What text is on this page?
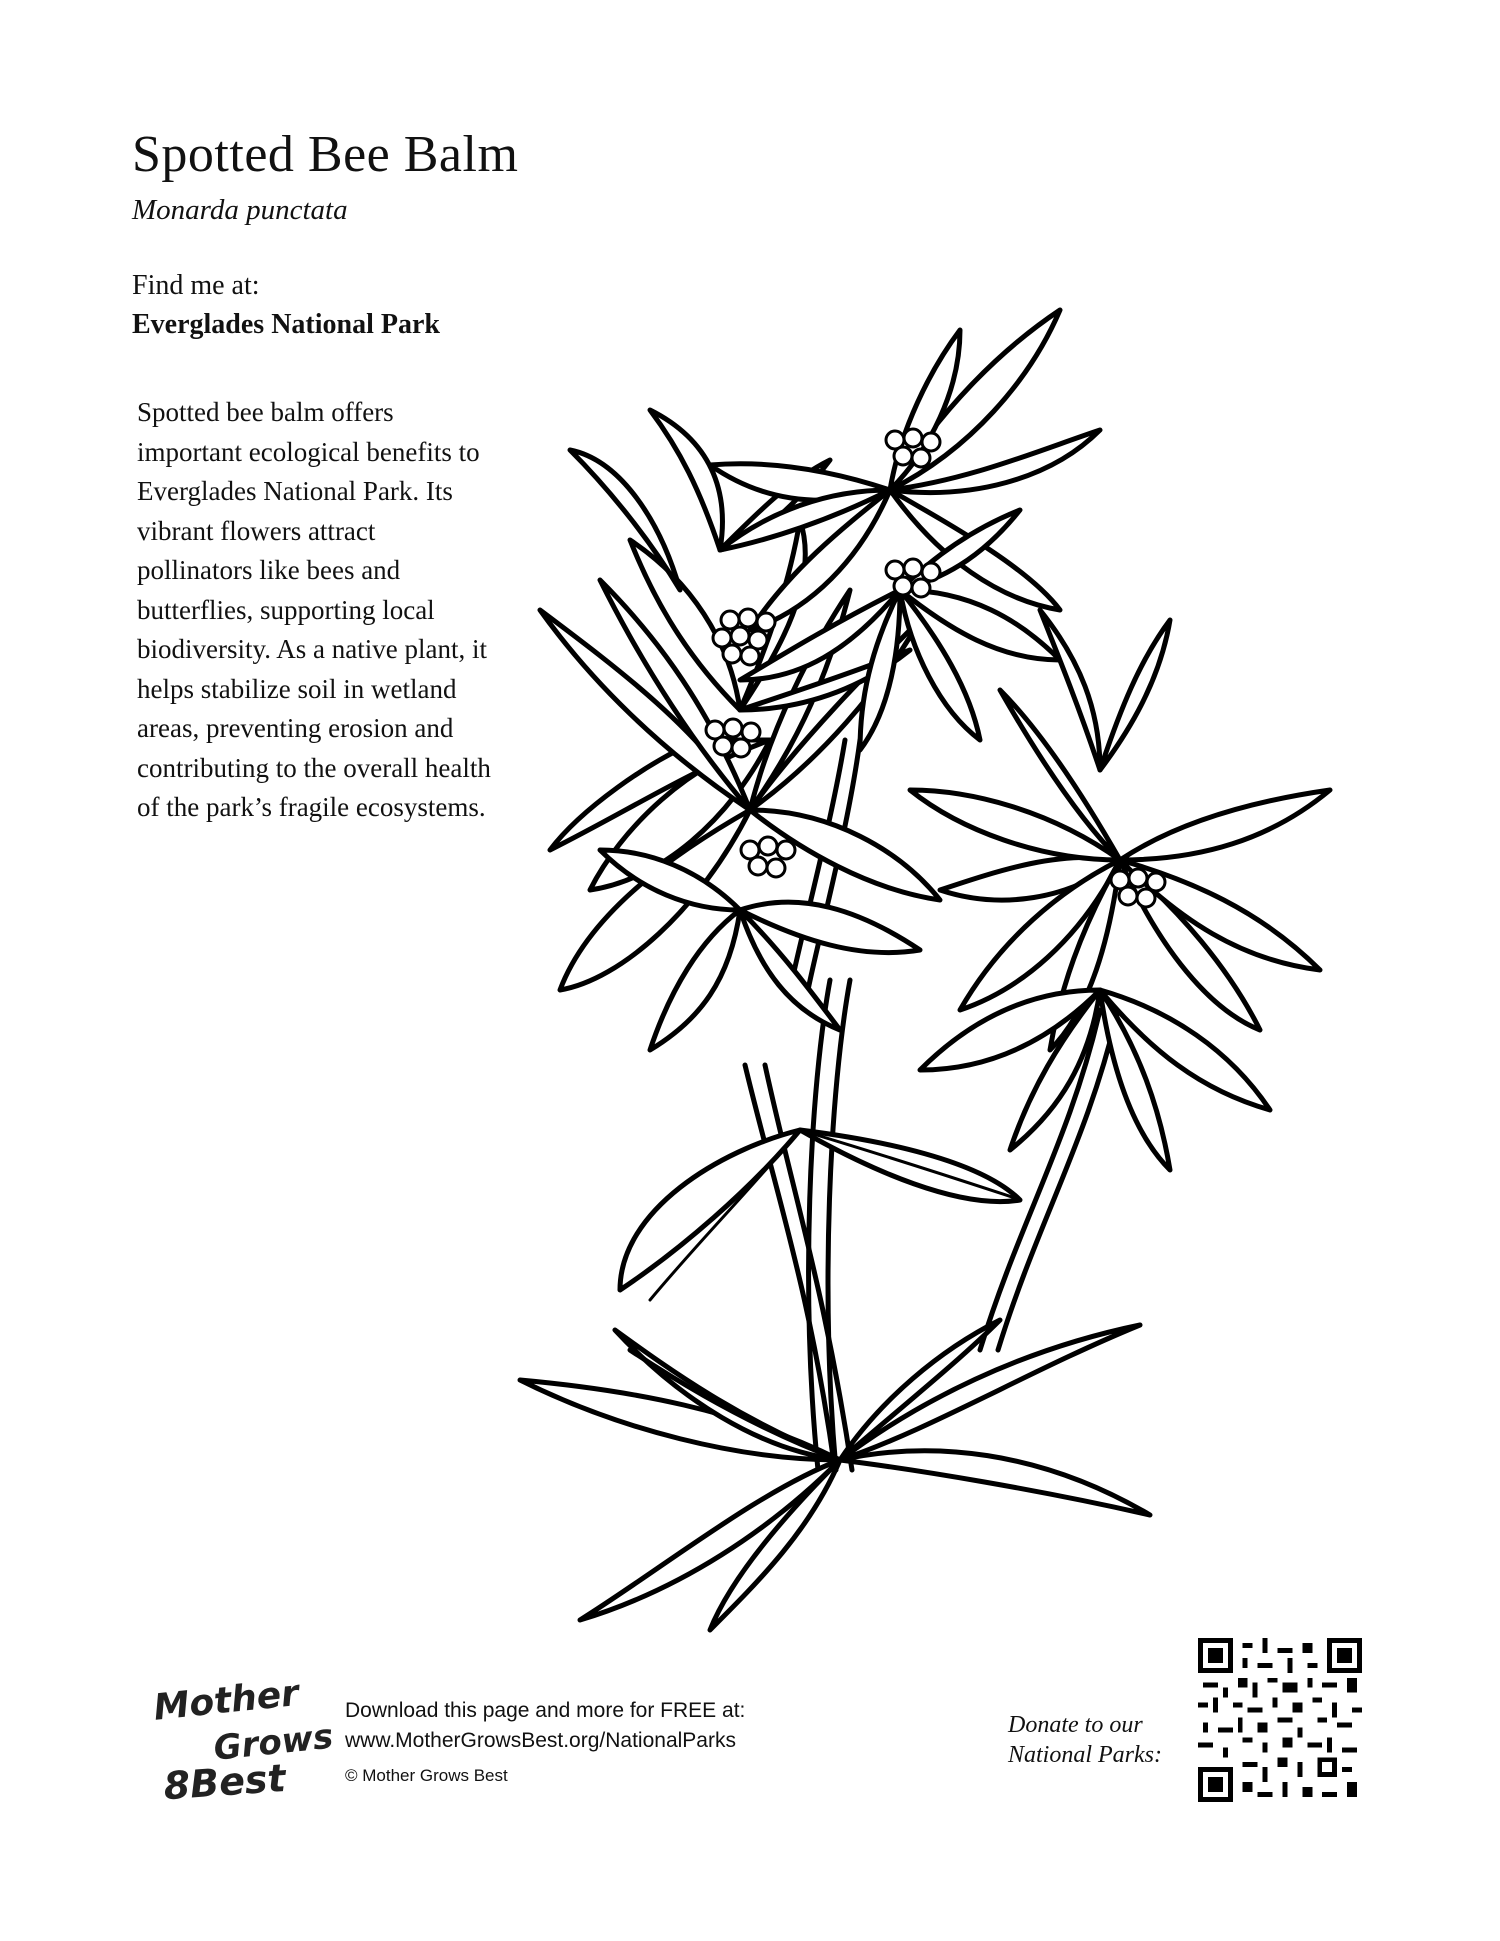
Spotted Bee Balm
Monarda punctata
Find me at:
Everglades National Park
Spotted bee balm offers important ecological benefits to Everglades National Park. Its vibrant flowers attract pollinators like bees and butterflies, supporting local biodiversity. As a native plant, it helps stabilize soil in wetland areas, preventing erosion and contributing to the overall health of the park’s fragile ecosystems.
Mother
Grows
8Best
Download this page and more for FREE at:
www.MotherGrowsBest.org/NationalParks
© Mother Grows Best
Donate to our
National Parks:
